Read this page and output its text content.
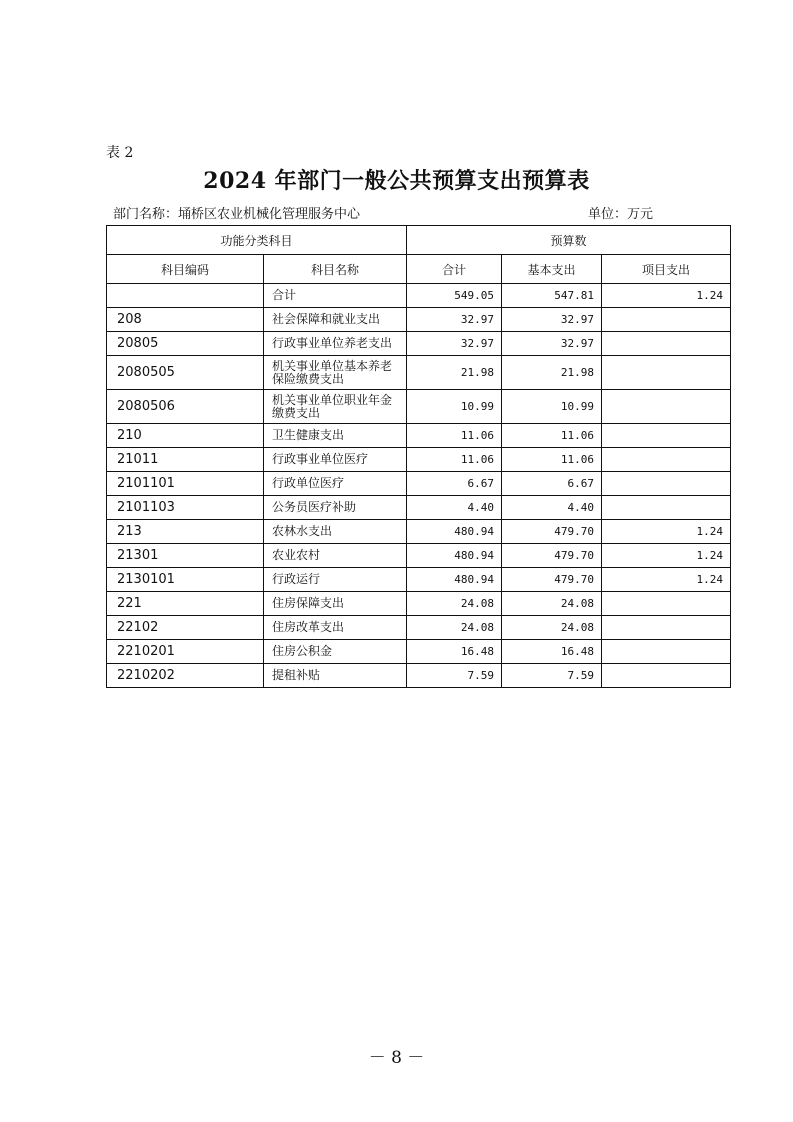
表 2
2024 年部门一般公共预算支出预算表
部门名称：埇桥区农业机械化管理服务中心	单位：万元
功能分类科目		预算数		
科目编码	科目名称	合计	基本支出	项目支出
	合计	549.05	547.81	1.24
208	社会保障和就业支出	32.97	32.97	
20805	行政事业单位养老支出	32.97	32.97	
2080505	机关事业单位基本养老保险缴费支出	21.98	21.98	
2080506	机关事业单位职业年金缴费支出	10.99	10.99	
210	卫生健康支出	11.06	11.06	
21011	行政事业单位医疗	11.06	11.06	
2101101	行政单位医疗	6.67	6.67	
2101103	公务员医疗补助	4.40	4.40	
213	农林水支出	480.94	479.70	1.24
21301	农业农村	480.94	479.70	1.24
2130101	行政运行	480.94	479.70	1.24
221	住房保障支出	24.08	24.08	
22102	住房改革支出	24.08	24.08	
2210201	住房公积金	16.48	16.48	
2210202	提租补贴	7.59	7.59	
－ 8 －
